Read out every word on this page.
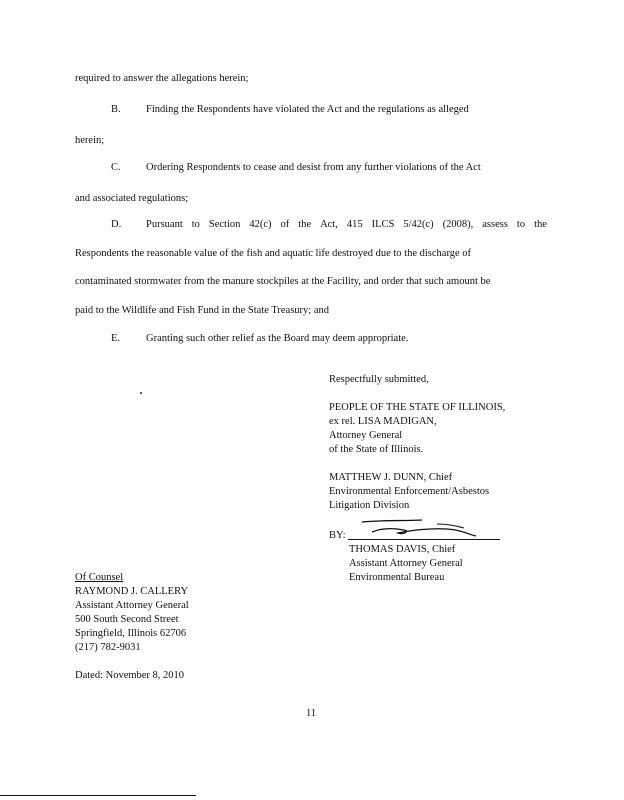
required to answer the allegations herein;
B. Finding the Respondents have violated the Act and the regulations as alleged
herein;
C. Ordering Respondents to cease and desist from any further violations of the Act
and associated regulations;
D. Pursuant to Section 42(c) of the Act, 415 ILCS 5/42(c) (2008), assess to the
Respondents the reasonable value of the fish and aquatic life destroyed due to the discharge of
contaminated stormwater from the manure stockpiles at the Facility, and order that such amount be
paid to the Wildlife and Fish Fund in the State Treasury; and
E. Granting such other relief as the Board may deem appropriate.
Respectfully submitted,
PEOPLE OF THE STATE OF ILLINOIS,
ex rel. LISA MADIGAN,
Attorney General
of the State of Illinois.
MATTHEW J. DUNN, Chief
Environmental Enforcement/Asbestos
Litigation Division
BY:
THOMAS DAVIS, Chief
Assistant Attorney General
Environmental Bureau
Of Counsel
RAYMOND J. CALLERY
Assistant Attorney General
500 South Second Street
Springfield, Illinois 62706
(217) 782-9031
Dated: November 8, 2010
11
